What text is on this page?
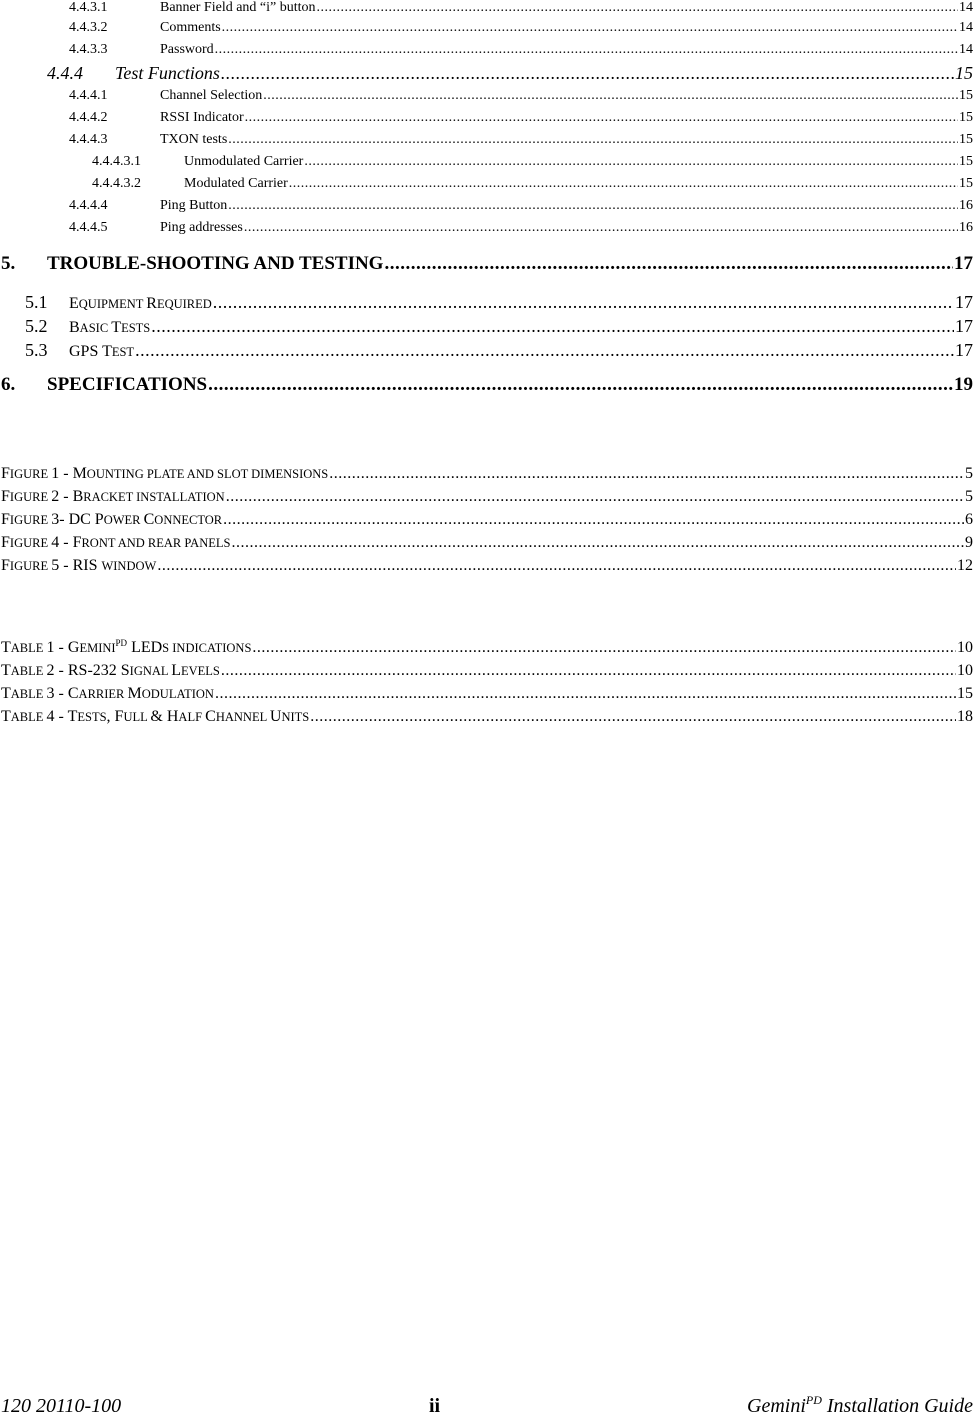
4.4.3.1	Banner Field and “i” button .....	14
4.4.3.2	Comments .....	14
4.4.3.3	Password .....	14
4.4.4	Test Functions .....	15
4.4.4.1	Channel Selection .....	15
4.4.4.2	RSSI Indicator .....	15
4.4.4.3	TXON tests .....	15
4.4.4.3.1	Unmodulated Carrier .....	15
4.4.4.3.2	Modulated Carrier .....	15
4.4.4.4	Ping Button .....	16
4.4.4.5	Ping addresses .....	16
5.	TROUBLE-SHOOTING AND TESTING .....	17
5.1	EQUIPMENT REQUIRED .....	17
5.2	BASIC TESTS .....	17
5.3	GPS TEST .....	17
6.	SPECIFICATIONS .....	19
FIGURE 1 - MOUNTING PLATE AND SLOT DIMENSIONS .....	5
FIGURE 2 - BRACKET INSTALLATION .....	5
FIGURE 3- DC POWER CONNECTOR .....	6
FIGURE 4 - FRONT AND REAR PANELS .....	9
FIGURE 5 - RIS WINDOW .....	12
TABLE $1 - GEMINI^{PD}$ LEDS INDICATIONS .....	10
TABLE 2 - RS-232 SIGNAL LEVELS .....	10
TABLE 3 - CARRIER MODULATION .....	15
TABLE 4 - TESTS, FULL & HALF CHANNEL UNITS .....	18
120 20110-100	ii	Gemini$^{PD}$ Installation Guide
